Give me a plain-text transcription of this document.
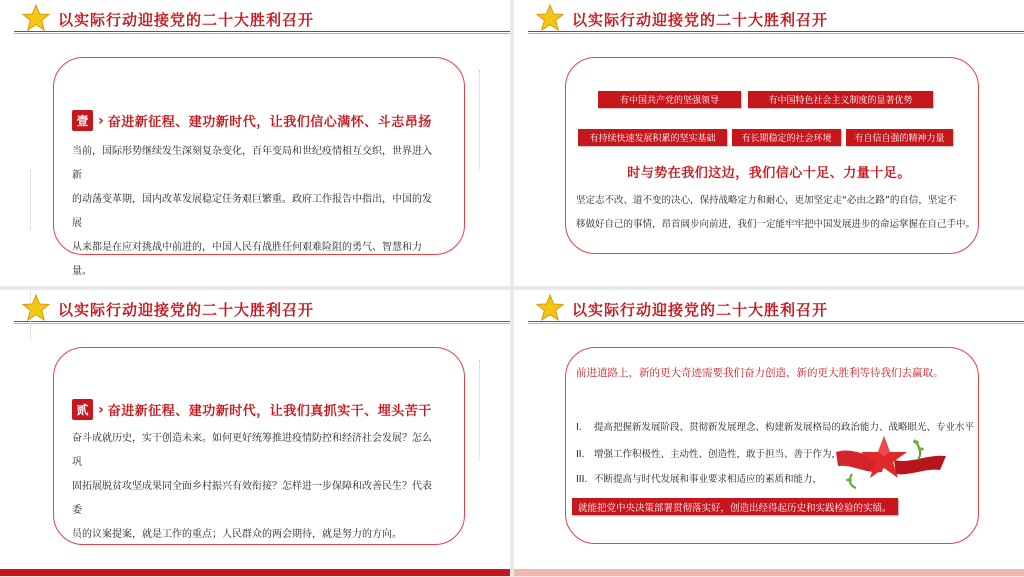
以实际行动迎接党的二十大胜利召开
壹 › 奋进新征程、建功新时代，让我们信心满怀、斗志昂扬
当前，国际形势继续发生深刻复杂变化，百年变局和世纪疫情相互交织，世界进入新
的动荡变革期，国内改革发展稳定任务艰巨繁重。政府工作报告中指出，中国的发展
从来都是在应对挑战中前进的，中国人民有战胜任何艰难险阻的勇气、智慧和力量。
以实际行动迎接党的二十大胜利召开
有中国共产党的坚强领导	有中国特色社会主义制度的显著优势
有持续快速发展积累的坚实基础	有长期稳定的社会环境	有自信自强的精神力量
时与势在我们这边，我们信心十足、力量十足。
坚定志不改、道不变的决心，保持战略定力和耐心，更加坚定走“必由之路”的自信，坚定不
移做好自己的事情，昂首阔步向前进，我们一定能牢牢把中国发展进步的命运掌握在自己手中。
以实际行动迎接党的二十大胜利召开
贰 › 奋进新征程、建功新时代，让我们真抓实干、埋头苦干
奋斗成就历史，实干创造未来。如何更好统筹推进疫情防控和经济社会发展？怎么巩
固拓展脱贫攻坚成果同全面乡村振兴有效衔接？怎样进一步保障和改善民生？代表委
员的议案提案，就是工作的重点；人民群众的两会期待，就是努力的方向。
以实际行动迎接党的二十大胜利召开
前进道路上，新的更大奇迹需要我们奋力创造，新的更大胜利等待我们去赢取。
I. 提高把握新发展阶段、贯彻新发展理念、构建新发展格局的政治能力、战略眼光、专业水平
II. 增强工作积极性、主动性、创造性，敢于担当、善于作为，
III. 不断提高与时代发展和事业要求相适应的素质和能力，
就能把党中央决策部署贯彻落实好，创造出经得起历史和实践检验的实绩。
